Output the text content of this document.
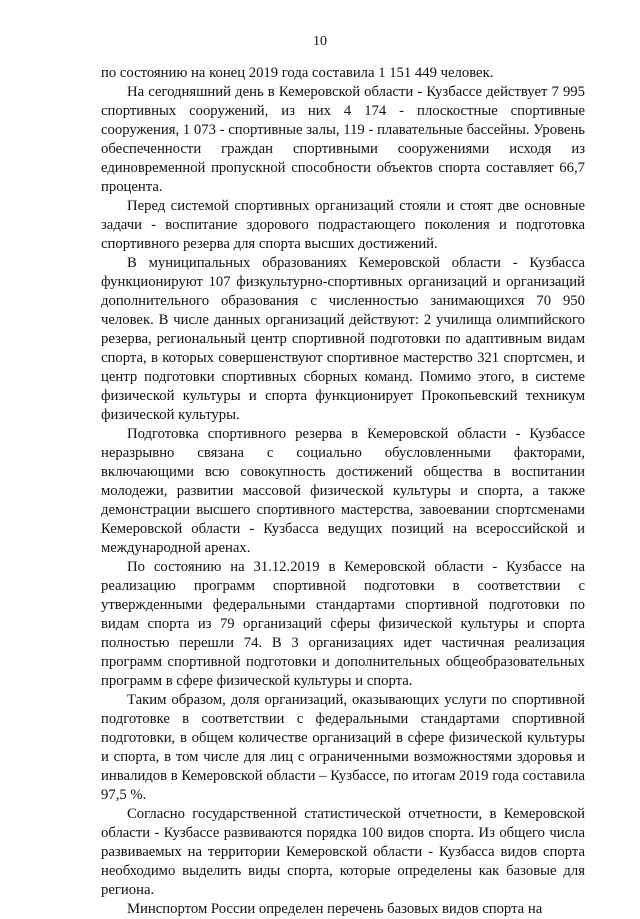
10

по состоянию на конец 2019 года составила 1 151 449 человек.

На сегодняшний день в Кемеровской области - Кузбассе действует 7 995 спортивных сооружений, из них 4 174 - плоскостные спортивные сооружения, 1 073 - спортивные залы, 119 - плавательные бассейны. Уровень обеспеченности граждан спортивными сооружениями исходя из единовременной пропускной способности объектов спорта составляет 66,7 процента.

Перед системой спортивных организаций стояли и стоят две основные задачи - воспитание здорового подрастающего поколения и подготовка спортивного резерва для спорта высших достижений.

В муниципальных образованиях Кемеровской области - Кузбасса функционируют 107 физкультурно-спортивных организаций и организаций дополнительного образования с численностью занимающихся 70 950 человек. В числе данных организаций действуют: 2 училища олимпийского резерва, региональный центр спортивной подготовки по адаптивным видам спорта, в которых совершенствуют спортивное мастерство 321 спортсмен, и центр подготовки спортивных сборных команд. Помимо этого, в системе физической культуры и спорта функционирует Прокопьевский техникум физической культуры.

Подготовка спортивного резерва в Кемеровской области - Кузбассе неразрывно связана с социально обусловленными факторами, включающими всю совокупность достижений общества в воспитании молодежи, развитии массовой физической культуры и спорта, а также демонстрации высшего спортивного мастерства, завоевании спортсменами Кемеровской области - Кузбасса ведущих позиций на всероссийской и международной аренах.

По состоянию на 31.12.2019 в Кемеровской области - Кузбассе на реализацию программ спортивной подготовки в соответствии с утвержденными федеральными стандартами спортивной подготовки по видам спорта из 79 организаций сферы физической культуры и спорта полностью перешли 74. В 3 организациях идет частичная реализация программ спортивной подготовки и дополнительных общеобразовательных программ в сфере физической культуры и спорта.

Таким образом, доля организаций, оказывающих услуги по спортивной подготовке в соответствии с федеральными стандартами спортивной подготовки, в общем количестве организаций в сфере физической культуры и спорта, в том числе для лиц с ограниченными возможностями здоровья и инвалидов в Кемеровской области – Кузбассе, по итогам 2019 года составила 97,5 %.

Согласно государственной статистической отчетности, в Кемеровской области - Кузбассе развиваются порядка 100 видов спорта. Из общего числа развиваемых на территории Кемеровской области - Кузбасса видов спорта необходимо выделить виды спорта, которые определены как базовые для региона.

Минспортом России определен перечень базовых видов спорта на
